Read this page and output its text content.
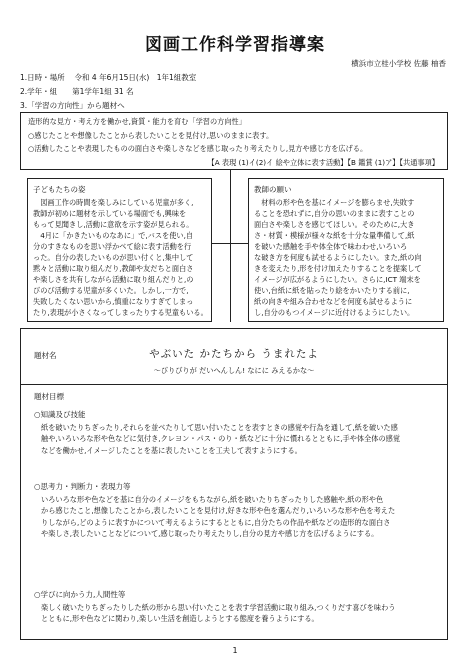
図画工作科学習指導案
横浜市立桂小学校 佐藤 柚香
1.日時・場所　 令和 4 年6月15日(水)　1年1組教室
2.学年・組　　第1学年1組 31 名
3.「学習の方向性」から題材へ
造形的な見方・考え方を働かせ,資質・能力を育む「学習の方向性」
○感じたことや想像したことから表したいことを見付け,思いのままに表す。
○活動したことや表現したものの面白さや楽しさなどを感じ取ったり考えたりし,見方や感じ方を広げる。
【A 表現 (1)イ(2)イ 絵や立体に表す活動】【B 鑑賞 (1)ア】【共通事項】
子どもたちの姿
図画工作の時間を楽しみにしている児童が多く,
教師が初めに題材を示している場面でも,興味を
もって見聞きし,活動に意欲を示す姿が見られる。
4月に「かきたいものなあに」で,バスを使い,自
分のすきなものを思い浮かべて絵に表す活動を行
った。自分の表したいものが思い付くと,集中して
黙々と活動に取り組んだり,教師や友だちと面白さ
や楽しさを共有しながら活動に取り組んだりと,の
びのび活動する児童が多くいた。しかし,一方で,
失敗したくない思いから,慎重になりすぎてしまっ
たり,表現が小さくなってしまったりする児童もいる。
教師の願い
材料の形や色を基にイメージを膨らませ,失敗す
ることを恐れずに,自分の思いのままに表すことの
面白さや楽しさを感じてほしい。そのために,大き
さ・材質・模様が様々な紙を十分な量準備して,紙
を破いた感触を手や体全体で味わわせ,いろいろ
な破き方を何度も試せるようにしたい。また,紙の向
きを変えたり,形を付け加えたりすることを提案して
イメージが広がるようにしたい。さらに,ICT 端末を
使い,台紙に紙を貼ったり絵をかいたりする前に,
紙の向きや組み合わせなどを何度も試せるように
し,自分のもつイメージに近付けるようにしたい。
題材名	やぶいた かたちから うまれたよ
～びりびりが だいへんしん! なにに みえるかな～
題材目標
○知識及び技能
紙を破いたりちぎったり,それらを並べたりして思い付いたことを表すときの感覚や行為を通して,紙を破いた感
触や,いろいろな形や色などに気付き,クレヨン・パス・のり・紙などに十分に慣れるとともに,手や体全体の感覚
などを働かせ,イメージしたことを基に表したいことを工夫して表すようにする。
○思考力・判断力・表現力等
いろいろな形や色などを基に自分のイメージをもちながら,紙を破いたりちぎったりした感触や,紙の形や色
から感じたこと,想像したことから,表したいことを見付け,好きな形や色を選んだり,いろいろな形や色を考えた
りしながら,どのように表すかについて考えるようにするとともに,自分たちの作品や紙などの造形的な面白さ
や楽しさ,表したいことなどについて,感じ取ったり考えたりし,自分の見方や感じ方を広げるようにする。
○学びに向かう力,人間性等
楽しく破いたりちぎったりした紙の形から思い付いたことを表す学習活動に取り組み,つくりだす喜びを味わう
とともに,形や色などに関わり,楽しい生活を創造しようとする態度を養うようにする。
1
